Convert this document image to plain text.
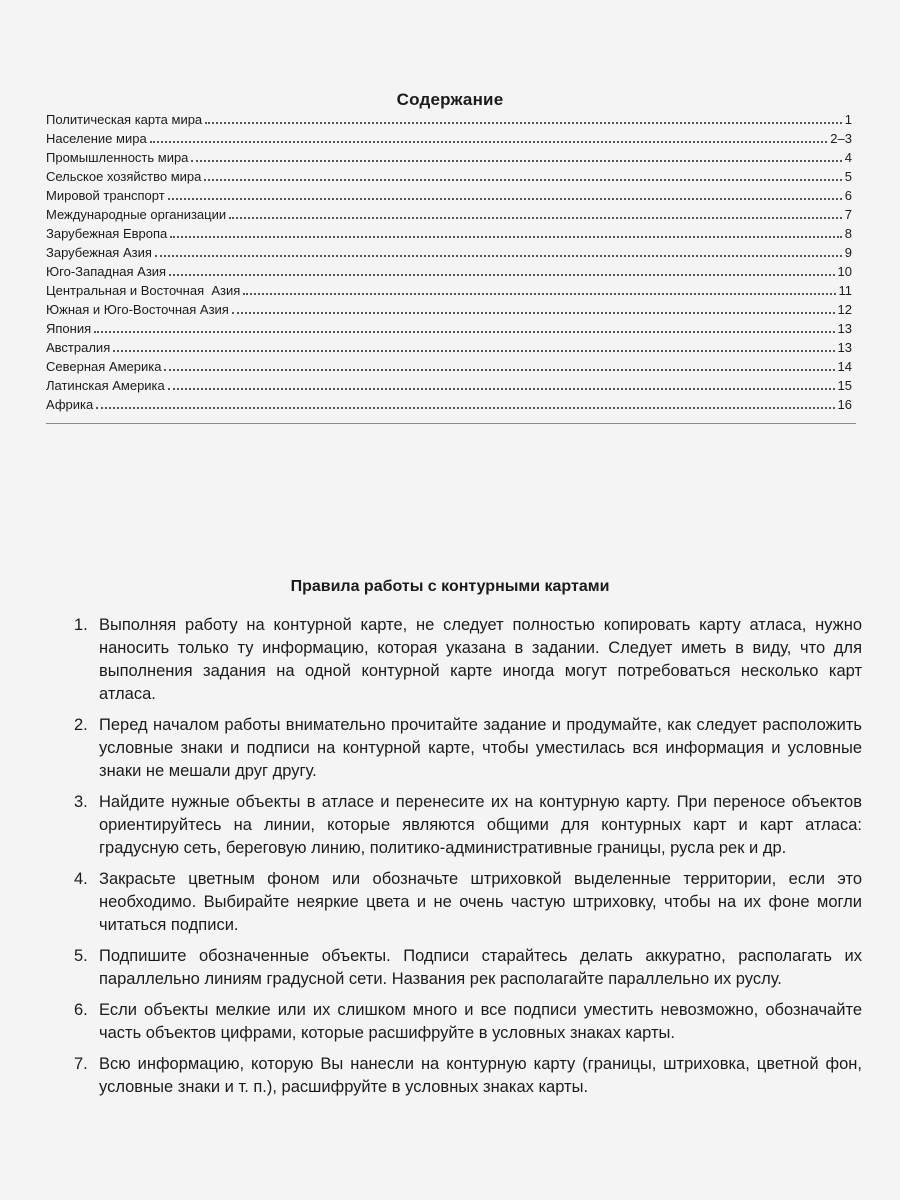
Содержание
Политическая карта мира	1
Население мира	2–3
Промышленность мира	4
Сельское хозяйство мира	5
Мировой транспорт	6
Международные организации	7
Зарубежная Европа	8
Зарубежная Азия	9
Юго-Западная Азия	10
Центральная и Восточная  Азия	11
Южная и Юго-Восточная Азия	12
Япония	13
Австралия	13
Северная Америка	14
Латинская Америка	15
Африка	16
Правила работы с контурными картами
1. Выполняя работу на контурной карте, не следует полностью копировать карту атласа, нужно наносить только ту информацию, которая указана в задании. Следует иметь в виду, что для выполнения задания на одной контурной карте иногда могут потребоваться несколько карт атласа.
2. Перед началом работы внимательно прочитайте задание и продумайте, как следует расположить условные знаки и подписи на контурной карте, чтобы уместилась вся информация и условные знаки не мешали друг другу.
3. Найдите нужные объекты в атласе и перенесите их на контурную карту. При переносе объектов ориентируйтесь на линии, которые являются общими для контурных карт и карт атласа: градусную сеть, береговую линию, политико-административные границы, русла рек и др.
4. Закрасьте цветным фоном или обозначьте штриховкой выделенные территории, если это необходимо. Выбирайте неяркие цвета и не очень частую штриховку, чтобы на их фоне могли читаться подписи.
5. Подпишите обозначенные объекты. Подписи старайтесь делать аккуратно, располагать их параллельно линиям градусной сети. Названия рек располагайте параллельно их руслу.
6. Если объекты мелкие или их слишком много и все подписи уместить невозможно, обозначайте часть объектов цифрами, которые расшифруйте в условных знаках карты.
7. Всю информацию, которую Вы нанесли на контурную карту (границы, штриховка, цветной фон, условные знаки и т. п.), расшифруйте в условных знаках карты.
